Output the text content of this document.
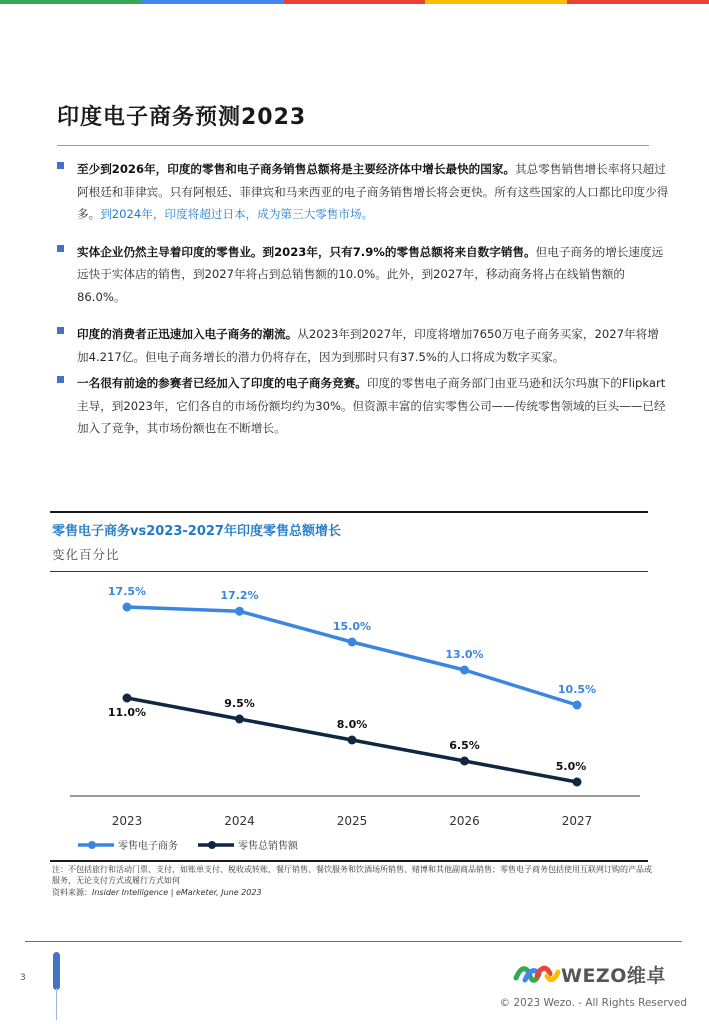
印度电子商务预测2023
至少到2026年，印度的零售和电子商务销售总额将是主要经济体中增长最快的国家。其总零售销售增长率将只超过阿根廷和菲律宾。只有阿根廷、菲律宾和马来西亚的电子商务销售增长将会更快。所有这些国家的人口都比印度少得多。到2024年，印度将超过日本，成为第三大零售市场。
实体企业仍然主导着印度的零售业。到2023年，只有7.9%的零售总额将来自数字销售。但电子商务的增长速度远远快于实体店的销售，到2027年将占到总销售额的10.0%。此外，到2027年，移动商务将占在线销售额的86.0%。
印度的消费者正迅速加入电子商务的潮流。从2023年到2027年，印度将增加7650万电子商务买家，2027年将增加4.217亿。但电子商务增长的潜力仍将存在，因为到那时只有37.5%的人口将成为数字买家。
一名很有前途的参赛者已经加入了印度的电子商务竞赛。印度的零售电子商务部门由亚马逊和沃尔玛旗下的Flipkart主导，到2023年，它们各自的市场份额均约为30%。但资源丰富的信实零售公司——传统零售领域的巨头——已经加入了竞争，其市场份额也在不断增长。
零售电子商务vs2023-2027年印度零售总额增长
变化百分比
17.5%	17.2%
15.0%
13.0%
10.5%
11.0%
9.5%
8.0%
6.5%
5.0%
2023	2024	2025	2026	2027
零售电子商务	零售总销售额
注：不包括旅行和活动门票、支付，如账单支付、税收或转账、餐厅销售、餐饮服务和饮酒场所销售、赌博和其他副商品销售；零售电子商务包括使用互联网订购的产品或服务，无论支付方式或履行方式如何
资料来源：Insider Intelligence | eMarketer, June 2023
3	WEZO维卓
© 2023 Wezo. - All Rights Reserved
